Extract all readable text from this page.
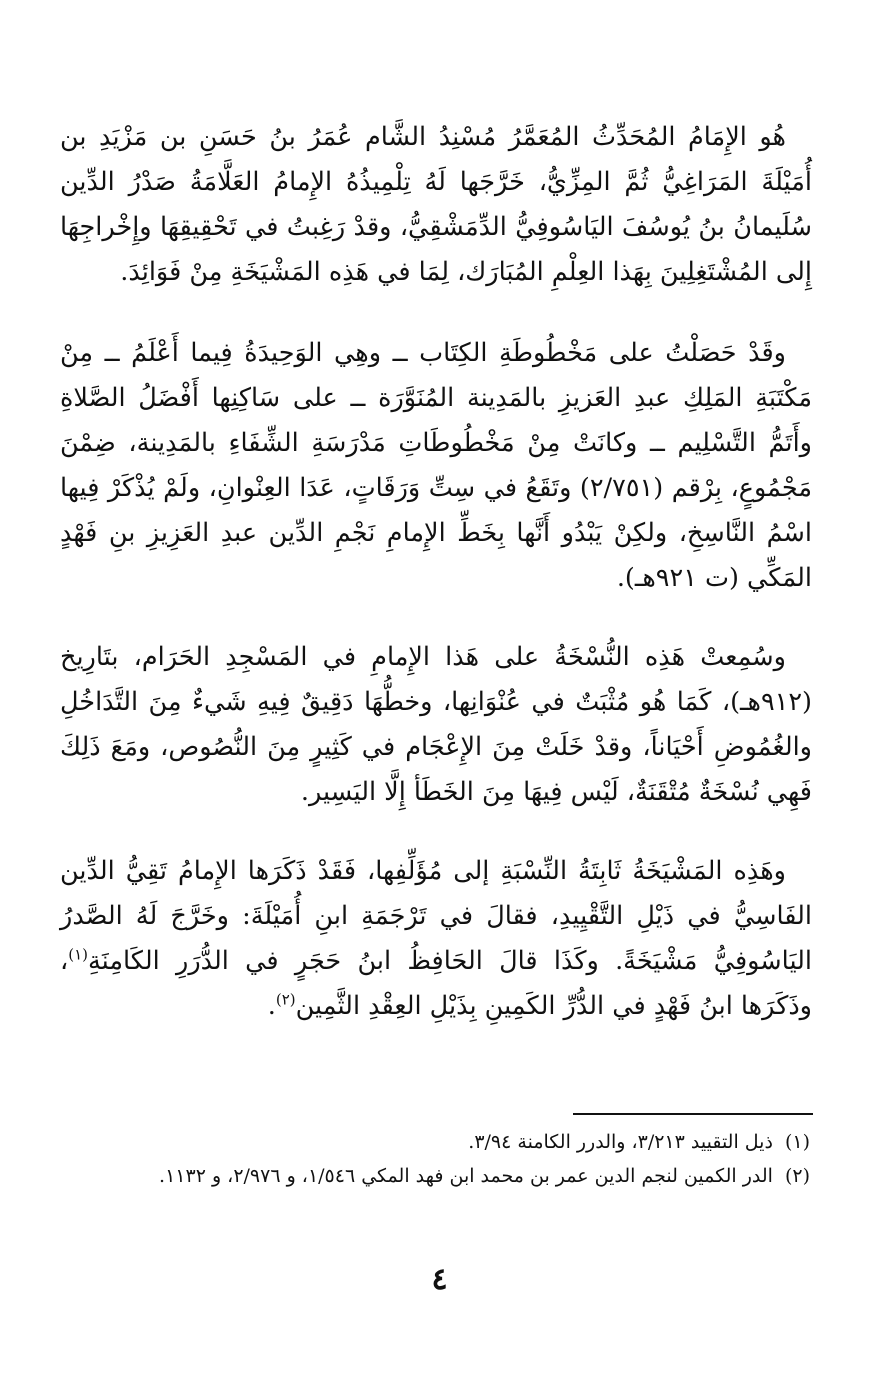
هُو الإِمَامُ المُحَدِّثُ المُعَمَّرُ مُسْنِدُ الشَّام عُمَرُ بنُ حَسَنِ بن مَزْيَدِ بن أُمَيْلَةَ المَرَاغِيُّ ثُمَّ المِزِّيُّ، خَرَّجَها لَهُ تِلْمِيذُهُ الإِمامُ العَلَّامَةُ صَدْرُ الدِّين سُلَيمانُ بنُ يُوسُفَ اليَاسُوفِيُّ الدِّمَشْقِيُّ، وقدْ رَغِبتُ في تَحْقِيقِهَا وإِخْراجِهَا إِلى المُشْتَغِلِينَ بِهَذا العِلْمِ المُبَارَك، لِمَا في هَذِه المَشْيَخَةِ مِنْ فَوَائِدَ.

وقَدْ حَصَلْتُ على مَخْطُوطَةِ الكِتَاب ــ وهِي الوَحِيدَةُ فِيما أَعْلَمُ ــ مِنْ مَكْتَبَةِ المَلِكِ عبدِ العَزيزِ بالمَدِينة المُنَوَّرَة ــ على سَاكِنِها أَفْضَلُ الصَّلاةِ وأَتَمُّ التَّسْلِيم ــ وكانَتْ مِنْ مَخْطُوطَاتِ مَدْرَسَةِ الشِّفَاءِ بالمَدِينة، ضِمْنَ مَجْمُوعٍ، بِرْقم (٢/٧٥١) وتَقَعُ في سِتِّ وَرَقَاتٍ، عَدَا العِنْوانِ، ولَمْ يُذْكَرْ فِيها اسْمُ النَّاسِخِ، ولكِنْ يَبْدُو أَنَّها بِخَطِّ الإِمامِ نَجْمِ الدِّين عبدِ العَزِيزِ بنِ فَهْدٍ المَكِّي (ت ٩٢١هـ).

وسُمِعتْ هَذِه النُّسْخَةُ على هَذا الإِمامِ في المَسْجِدِ الحَرَام، بتَارِيخ (٩١٢هـ)، كَمَا هُو مُثْبَتٌ في عُنْوَانِها، وخطُّهَا دَقِيقٌ فِيهِ شَيءٌ مِنَ التَّدَاخُلِ والغُمُوضِ أَحْيَاناً، وقدْ خَلَتْ مِنَ الإِعْجَام في كَثِيرٍ مِنَ النُّصُوص، ومَعَ ذَلِكَ فَهِي نُسْخَةٌ مُتْقَنَةٌ، لَيْس فِيهَا مِنَ الخَطَأ إِلَّا اليَسِير.

وهَذِه المَشْيَخَةُ ثَابِتَةُ النِّسْبَةِ إلى مُؤَلِّفِها، فَقَدْ ذَكَرَها الإِمامُ تَقِيُّ الدِّين الفَاسِيُّ في ذَيْلِ التَّقْيِيدِ، فقالَ في تَرْجَمَةِ ابنِ أُمَيْلَةَ: وخَرَّجَ لَهُ الصَّدرُ اليَاسُوفِيُّ مَشْيَخَةً. وكَذَا قالَ الحَافِظُ ابنُ حَجَرٍ في الدُّرَرِ الكَامِنَةِ$^{(١)}$، وذَكَرَها ابنُ فَهْدٍ في الدُّرِّ الكَمِينِ بِذَيْلِ العِقْدِ الثَّمِين$^{(٢)}$.

(١)
ذيل التقييد ٣/٢١٣، والدرر الكامنة ٣/٩٤.

(٢)
الدر الكمين لنجم الدين عمر بن محمد ابن فهد المكي ١/٥٤٦، و ٢/٩٧٦، و ١١٣٢.

٤
